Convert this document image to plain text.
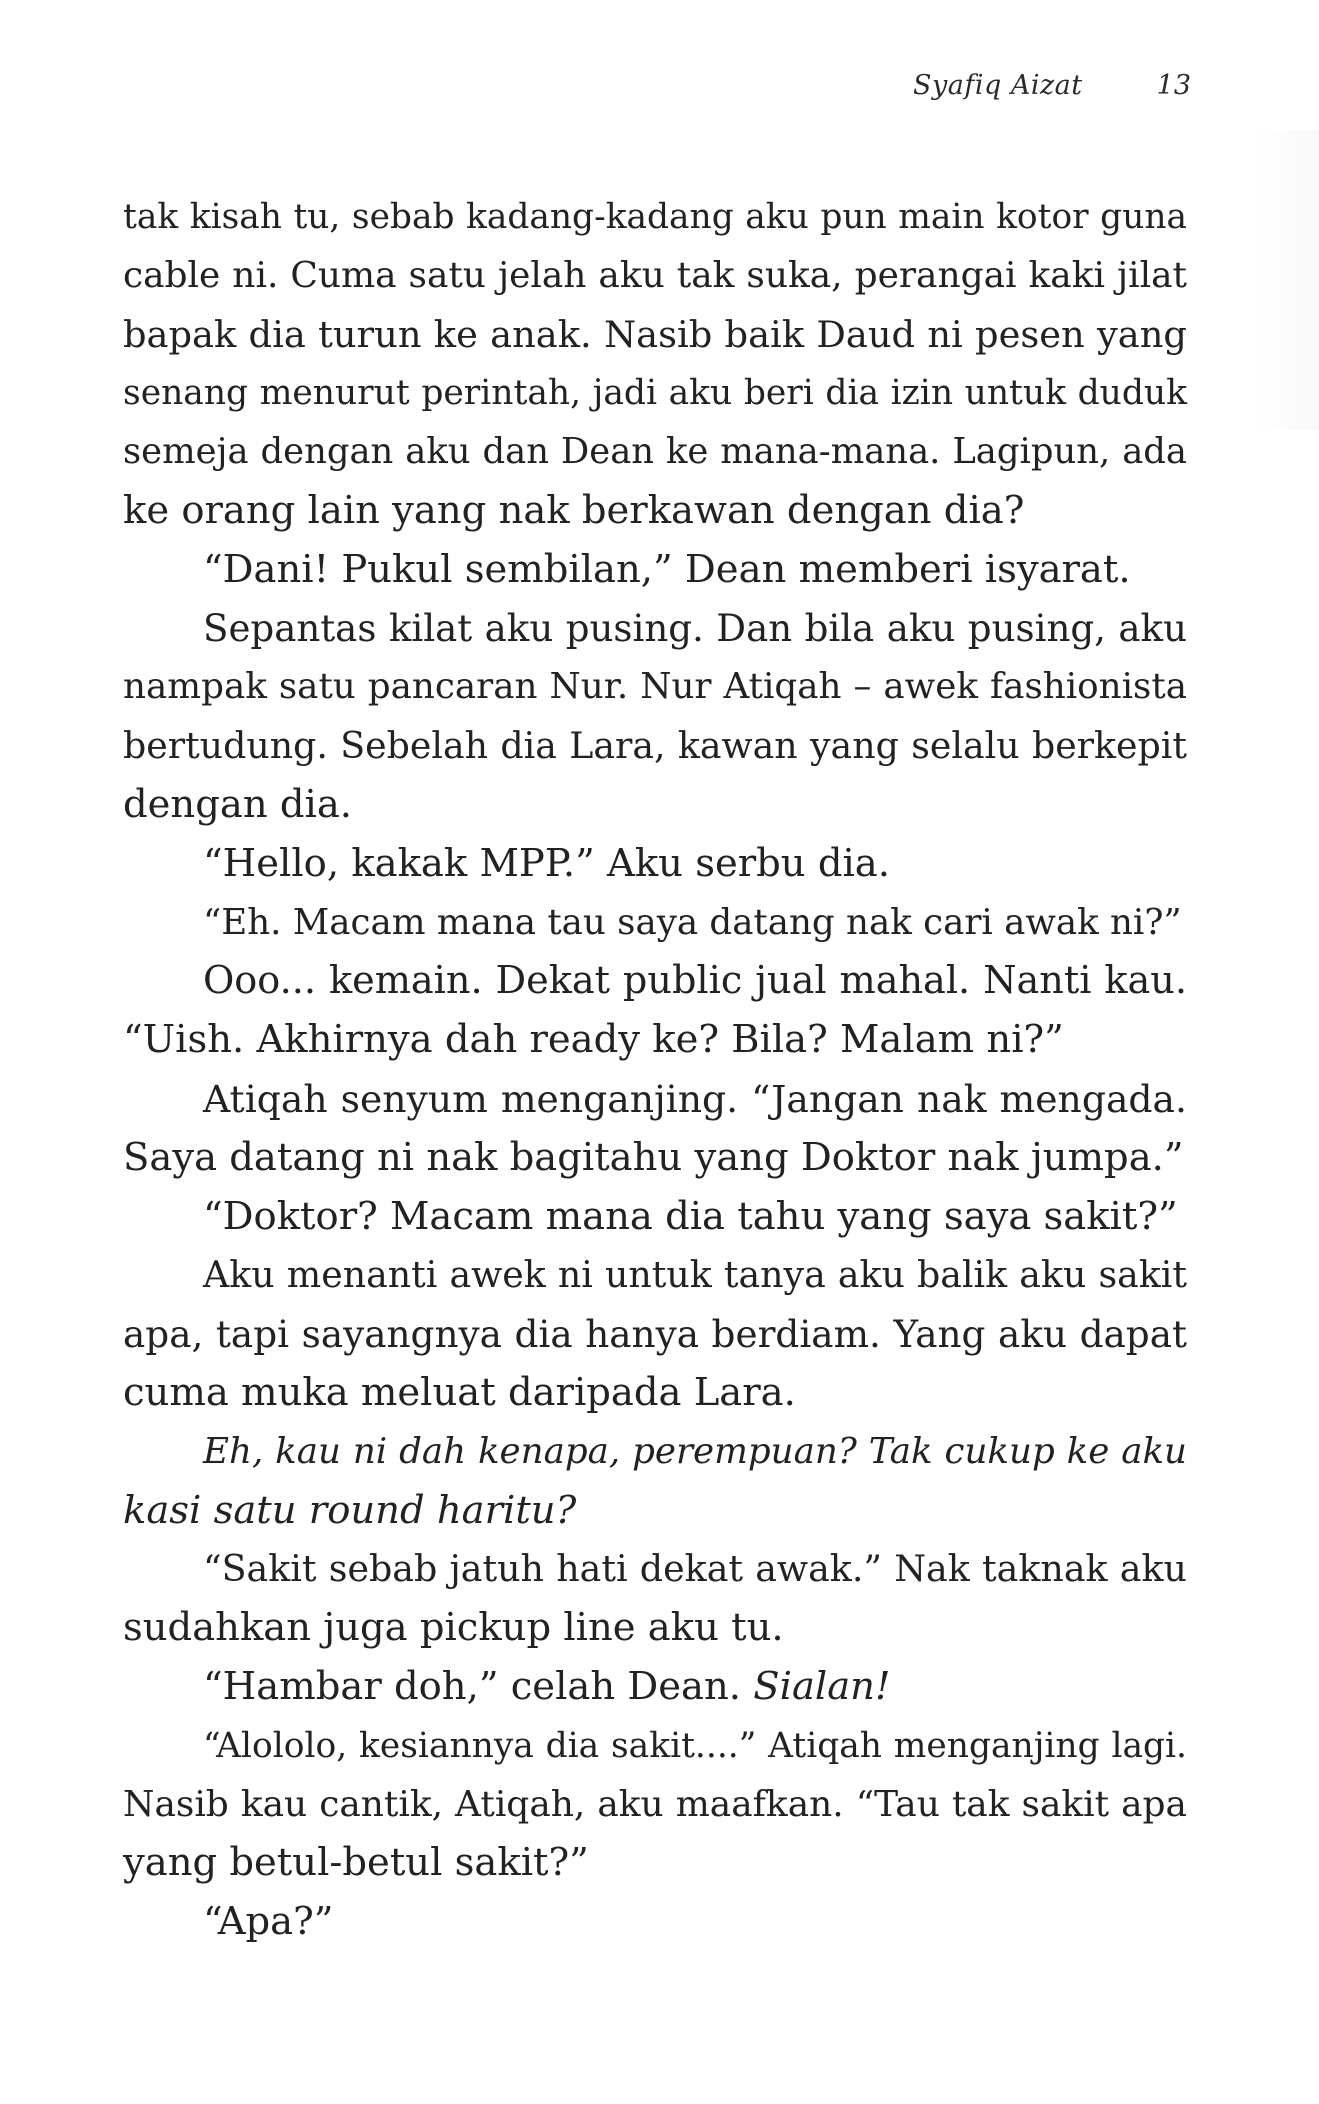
Syafiq Aizat	13
tak kisah tu, sebab kadang-kadang aku pun main kotor guna
cable ni. Cuma satu jelah aku tak suka, perangai kaki jilat
bapak dia turun ke anak. Nasib baik Daud ni pesen yang
senang menurut perintah, jadi aku beri dia izin untuk duduk
semeja dengan aku dan Dean ke mana-mana. Lagipun, ada
ke orang lain yang nak berkawan dengan dia?
“Dani! Pukul sembilan,” Dean memberi isyarat.
Sepantas kilat aku pusing. Dan bila aku pusing, aku
nampak satu pancaran Nur. Nur Atiqah – awek fashionista
bertudung. Sebelah dia Lara, kawan yang selalu berkepit
dengan dia.
“Hello, kakak MPP.” Aku serbu dia.
“Eh. Macam mana tau saya datang nak cari awak ni?”
Ooo... kemain. Dekat public jual mahal. Nanti kau.
“Uish. Akhirnya dah ready ke? Bila? Malam ni?”
Atiqah senyum menganjing. “Jangan nak mengada.
Saya datang ni nak bagitahu yang Doktor nak jumpa.”
“Doktor? Macam mana dia tahu yang saya sakit?”
Aku menanti awek ni untuk tanya aku balik aku sakit
apa, tapi sayangnya dia hanya berdiam. Yang aku dapat
cuma muka meluat daripada Lara.
Eh, kau ni dah kenapa, perempuan? Tak cukup ke aku
kasi satu round haritu?
“Sakit sebab jatuh hati dekat awak.” Nak taknak aku
sudahkan juga pickup line aku tu.
“Hambar doh,” celah Dean. Sialan!
“Alololo, kesiannya dia sakit....” Atiqah menganjing lagi.
Nasib kau cantik, Atiqah, aku maafkan. “Tau tak sakit apa
yang betul-betul sakit?”
“Apa?”
